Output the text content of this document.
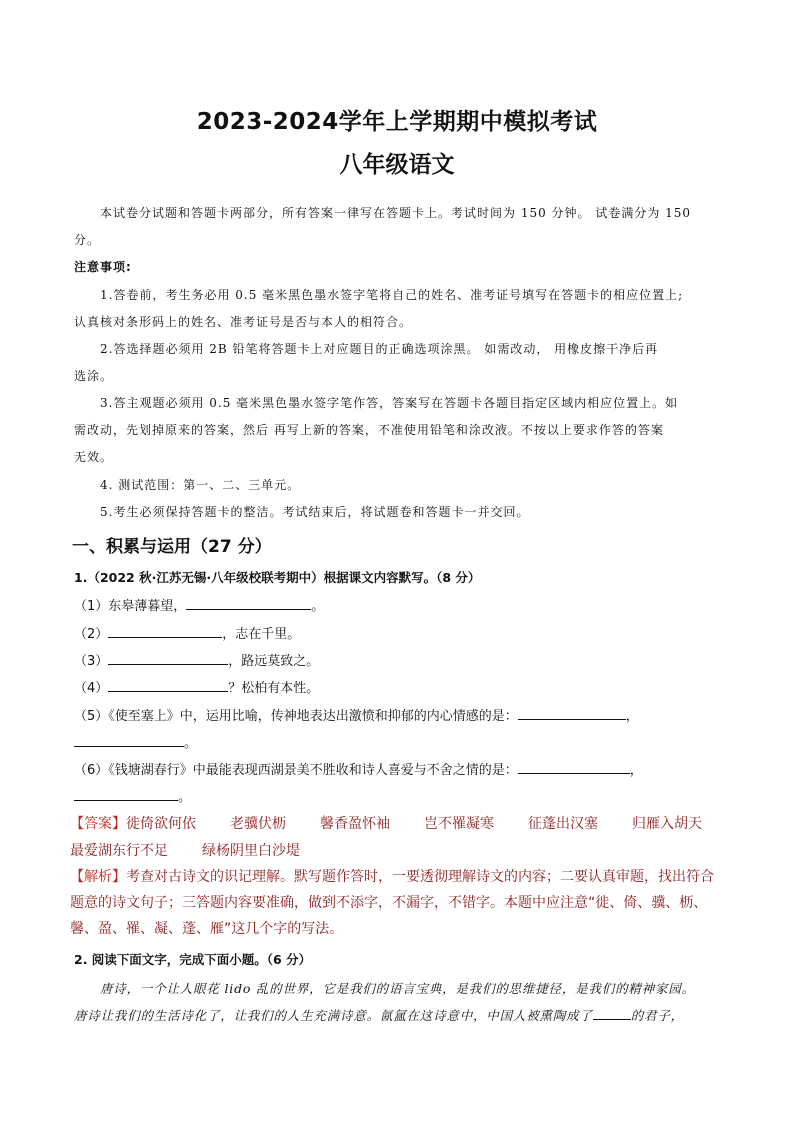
2023-2024学年上学期期中模拟考试
八年级语文
本试卷分试题和答题卡两部分，所有答案一律写在答题卡上。考试时间为 150 分钟。 试卷满分为 150
分。
注意事项:
1.答卷前，考生务必用 0.5 毫米黑色墨水签字笔将自己的姓名、准考证号填写在答题卡的相应位置上;
认真核对条形码上的姓名、准考证号是否与本人的相符合。
2.答选择题必须用 2B 铅笔将答题卡上对应题目的正确选项涂黑。 如需改动， 用橡皮擦干净后再
选涂。
3.答主观题必须用 0.5 毫米黑色墨水签字笔作答，答案写在答题卡各题目指定区域内相应位置上。如
需改动，先划掉原来的答案，然后 再写上新的答案，不准使用铅笔和涂改液。不按以上要求作答的答案
无效。
4. 测试范围：第一、二、三单元。
5.考生必须保持答题卡的整洁。考试结束后，将试题卷和答题卡一并交回。
一、积累与运用（27 分）
1.（2022 秋·江苏无锡·八年级校联考期中）根据课文内容默写。（8 分）
（1）东皋薄暮望，	。
（2）	，志在千里。
（3）	，路远莫致之。
（4）	？松柏有本性。
（5）《使至塞上》中，运用比喻，传神地表达出激愤和抑郁的内心情感的是：	，
。
（6）《钱塘湖春行》中最能表现西湖景美不胜收和诗人喜爱与不舍之情的是：	，
。
【答案】徙倚欲何依 老骥伏枥 馨香盈怀袖 岂不罹凝寒 征蓬出汉塞 归雁入胡天
最爱湖东行不足 绿杨阴里白沙堤
【解析】考查对古诗文的识记理解。默写题作答时，一要透彻理解诗文的内容；二要认真审题，找出符合题意的诗文句子；三答题内容要准确，做到不添字，不漏字，不错字。本题中应注意“徙、倚、骥、枥、馨、盈、罹、凝、蓬、雁”这几个字的写法。
2. 阅读下面文字，完成下面小题。（6 分）
唐诗，一个让人眼花 lido 乱的世界，它是我们的语言宝典，是我们的思维捷径，是我们的精神家园。
唐诗让我们的生活诗化了，让我们的人生充满诗意。氤氲在这诗意中，中国人被熏陶成了	的君子，
